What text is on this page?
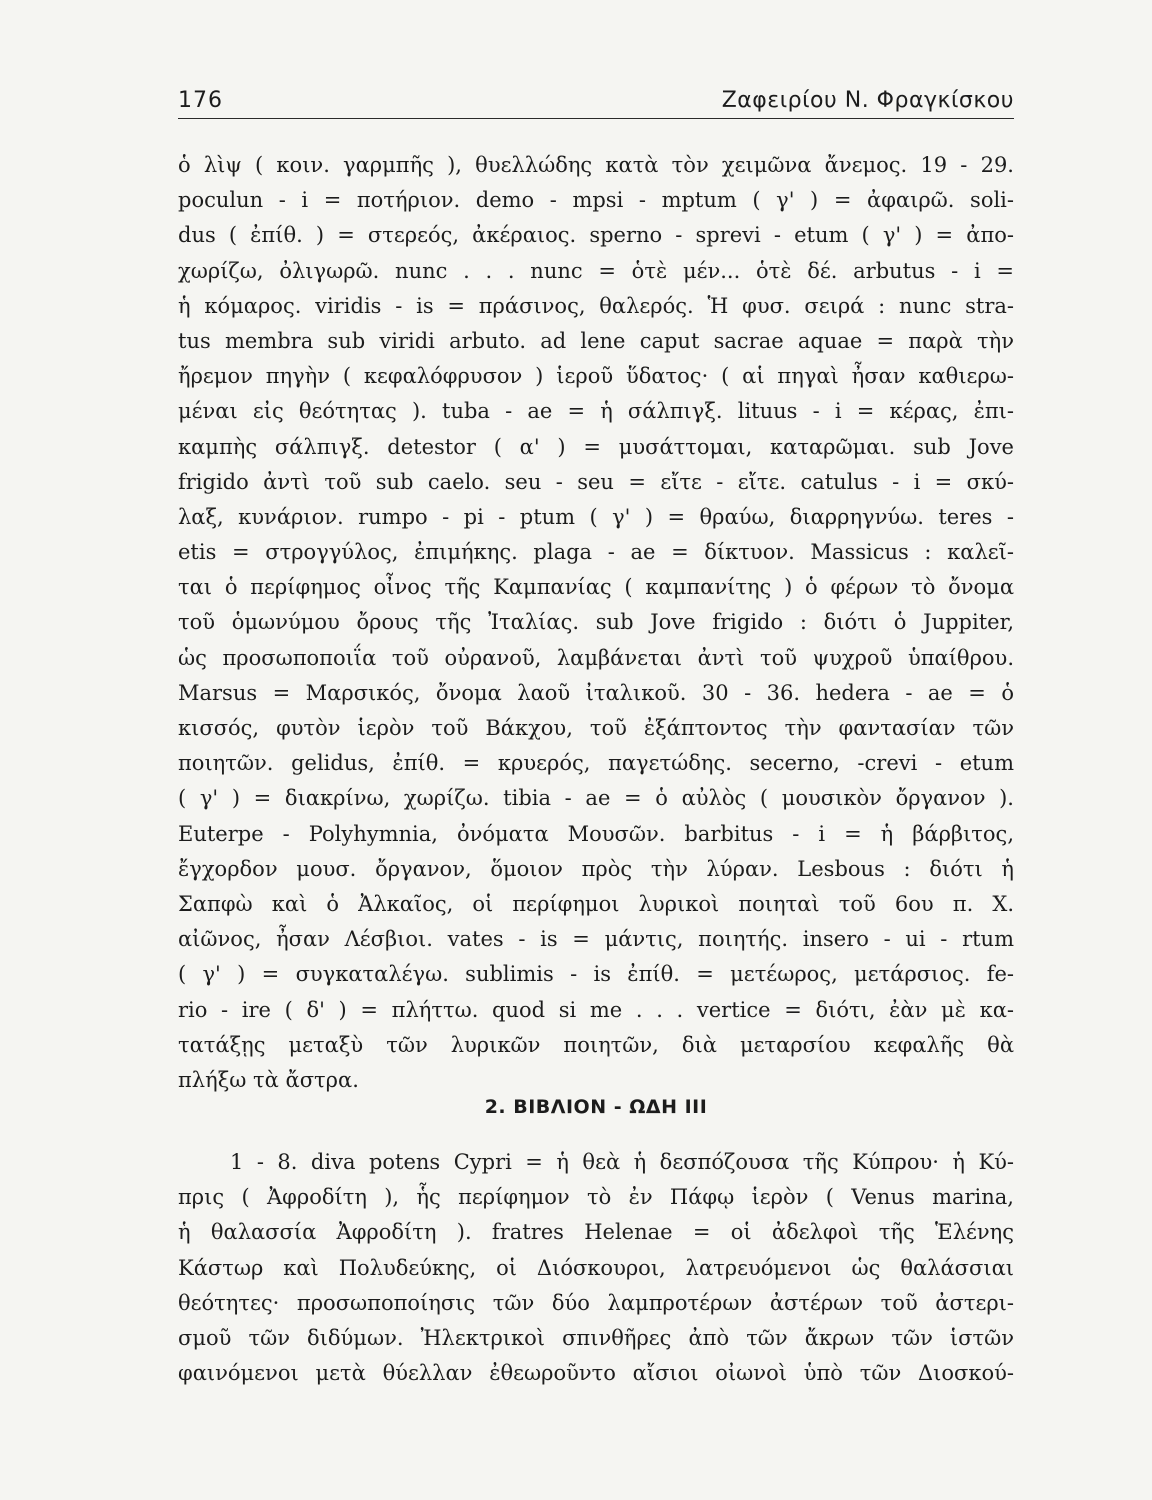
176	Ζαφειρίου Ν. Φραγκίσκου
ὁ λὶψ ( κοιν. γαρμπῆς ), θυελλώδης κατὰ τὸν χειμῶνα ἄνεμος. 19 - 29.
poculun - i = ποτήριον. demo - mpsi - mptum ( γ' ) = ἀφαιρῶ. soli-
dus ( ἐπίθ. ) = στερεός, ἀκέραιος. sperno - sprevi - etum ( γ' ) = ἀπο-
χωρίζω, ὀλιγωρῶ. nunc . . . nunc = ὁτὲ μέν... ὁτὲ δέ. arbutus - i =
ἡ κόμαρος. viridis - is = πράσινος, θαλερός. Ἡ φυσ. σειρά : nunc stra-
tus membra sub viridi arbuto. ad lene caput sacrae aquae = παρὰ τὴν
ἤρεμον πηγὴν ( κεφαλόφρυσον ) ἱεροῦ ὕδατος· ( αἱ πηγαὶ ἦσαν καθιερω-
μέναι εἰς θεότητας ). tuba - ae = ἡ σάλπιγξ. lituus - i = κέρας, ἐπι-
καμπὴς σάλπιγξ. detestor ( α' ) = μυσάττομαι, καταρῶμαι. sub Jove
frigido ἀντὶ τοῦ sub caelo. seu - seu = εἴτε - εἴτε. catulus - i = σκύ-
λαξ, κυνάριον. rumpo - pi - ptum ( γ' ) = θραύω, διαρρηγνύω. teres -
etis = στρογγύλος, ἐπιμήκης. plaga - ae = δίκτυον. Massicus : καλεῖ-
ται ὁ περίφημος οἶνος τῆς Καμπανίας ( καμπανίτης ) ὁ φέρων τὸ ὄνομα
τοῦ ὁμωνύμου ὄρους τῆς Ἰταλίας. sub Jove frigido : διότι ὁ Juppiter,
ὡς προσωποποιΐα τοῦ οὐρανοῦ, λαμβάνεται ἀντὶ τοῦ ψυχροῦ ὑπαίθρου.
Marsus = Μαρσικός, ὄνομα λαοῦ ἰταλικοῦ. 30 - 36. hedera - ae = ὁ
κισσός, φυτὸν ἱερὸν τοῦ Βάκχου, τοῦ ἐξάπτοντος τὴν φαντασίαν τῶν
ποιητῶν. gelidus, ἐπίθ. = κρυερός, παγετώδης. secerno, -crevi - etum
( γ' ) = διακρίνω, χωρίζω. tibia - ae = ὁ αὐλὸς ( μουσικὸν ὄργανον ).
Euterpe - Polyhymnia, ὀνόματα Μουσῶν. barbitus - i = ἡ βάρβιτος,
ἔγχορδον μουσ. ὄργανον, ὅμοιον πρὸς τὴν λύραν. Lesbous : διότι ἡ
Σαπφὼ καὶ ὁ Ἀλκαῖος, οἱ περίφημοι λυρικοὶ ποιηταὶ τοῦ 6ου π. Χ.
αἰῶνος, ἦσαν Λέσβιοι. vates - is = μάντις, ποιητής. insero - ui - rtum
( γ' ) = συγκαταλέγω. sublimis - is ἐπίθ. = μετέωρος, μετάρσιος. fe-
rio - ire ( δ' ) = πλήττω. quod si me . . . vertice = διότι, ἐὰν μὲ κα-
τατάξῃς μεταξὺ τῶν λυρικῶν ποιητῶν, διὰ μεταρσίου κεφαλῆς θὰ
πλήξω τὰ ἄστρα.
2. ΒΙΒΛΙΟΝ - ΩΔΗ III
1 - 8. diva potens Cypri = ἡ θεὰ ἡ δεσπόζουσα τῆς Κύπρου· ἡ Κύ-
πρις ( Ἀφροδίτη ), ἧς περίφημον τὸ ἐν Πάφῳ ἱερὸν ( Venus marina,
ἡ θαλασσία Ἀφροδίτη ). fratres Helenae = οἱ ἀδελφοὶ τῆς Ἑλένης
Κάστωρ καὶ Πολυδεύκης, οἱ Διόσκουροι, λατρευόμενοι ὡς θαλάσσιαι
θεότητες· προσωποποίησις τῶν δύο λαμπροτέρων ἀστέρων τοῦ ἀστερι-
σμοῦ τῶν διδύμων. Ἠλεκτρικοὶ σπινθῆρες ἀπὸ τῶν ἄκρων τῶν ἱστῶν
φαινόμενοι μετὰ θύελλαν ἐθεωροῦντο αἴσιοι οἰωνοὶ ὑπὸ τῶν Διοσκού-
